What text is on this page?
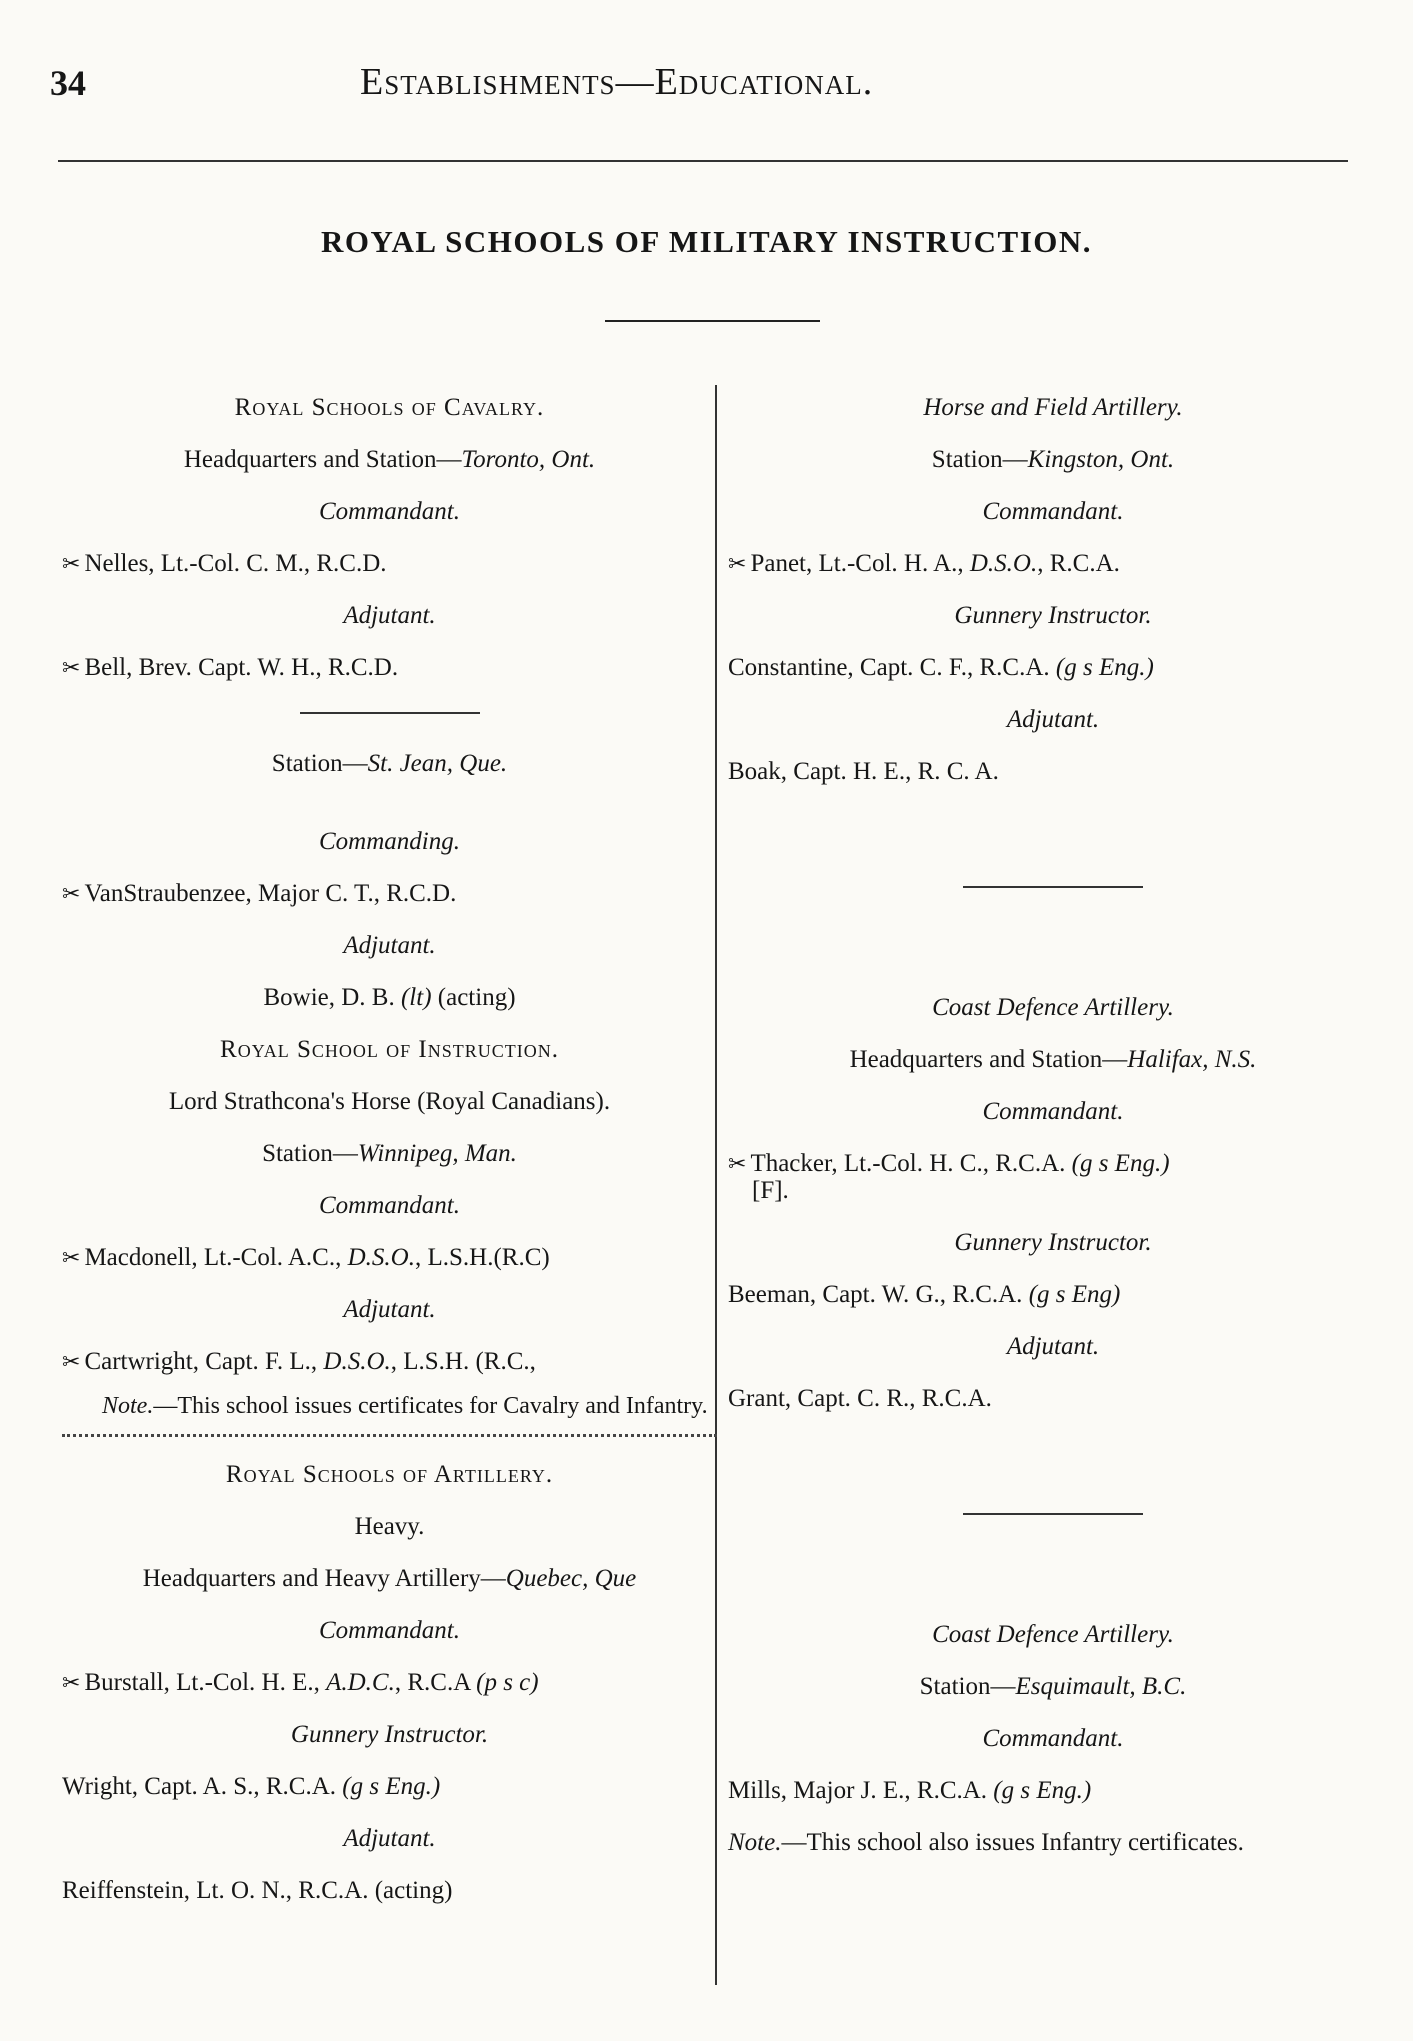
34	Establishments—Educational.
ROYAL SCHOOLS OF MILITARY INSTRUCTION.
Royal Schools of Cavalry.
Headquarters and Station—Toronto, Ont.
Commandant.
✂ Nelles, Lt.-Col. C. M., R.C.D.
Adjutant.
✂ Bell, Brev. Capt. W. H., R.C.D.
Station—St. Jean, Que.
Commanding.
✂ VanStraubenzee, Major C. T., R.C.D.
Adjutant.
Bowie, D. B. (lt) (acting)
Royal School of Instruction.
Lord Strathcona's Horse (Royal Canadians).
Station—Winnipeg, Man.
Commandant.
✂ Macdonell, Lt.-Col. A.C., D.S.O., L.S.H.(R.C)
Adjutant.
✂ Cartwright, Capt. F. L., D.S.O., L.S.H. (R.C.,
Note.—This school issues certificates for Cavalry and Infantry.
Royal Schools of Artillery.
Heavy.
Headquarters and Heavy Artillery—Quebec, Que
Commandant.
✂ Burstall, Lt.-Col. H. E., A.D.C., R.C.A (p s c)
Gunnery Instructor.
Wright, Capt. A. S., R.C.A. (g s Eng.)
Adjutant.
Reiffenstein, Lt. O. N., R.C.A. (acting)
Horse and Field Artillery.
Station—Kingston, Ont.
Commandant.
✂ Panet, Lt.-Col. H. A., D.S.O., R.C.A.
Gunnery Instructor.
Constantine, Capt. C. F., R.C.A. (g s Eng.)
Adjutant.
Boak, Capt. H. E., R. C. A.
Coast Defence Artillery.
Headquarters and Station—Halifax, N.S.
Commandant.
✂ Thacker, Lt.-Col. H. C., R.C.A. (g s Eng.)
[F].
Gunnery Instructor.
Beeman, Capt. W. G., R.C.A. (g s Eng)
Adjutant.
Grant, Capt. C. R., R.C.A.
Coast Defence Artillery.
Station—Esquimault, B.C.
Commandant.
Mills, Major J. E., R.C.A. (g s Eng.)
Note.—This school also issues Infantry certificates.
